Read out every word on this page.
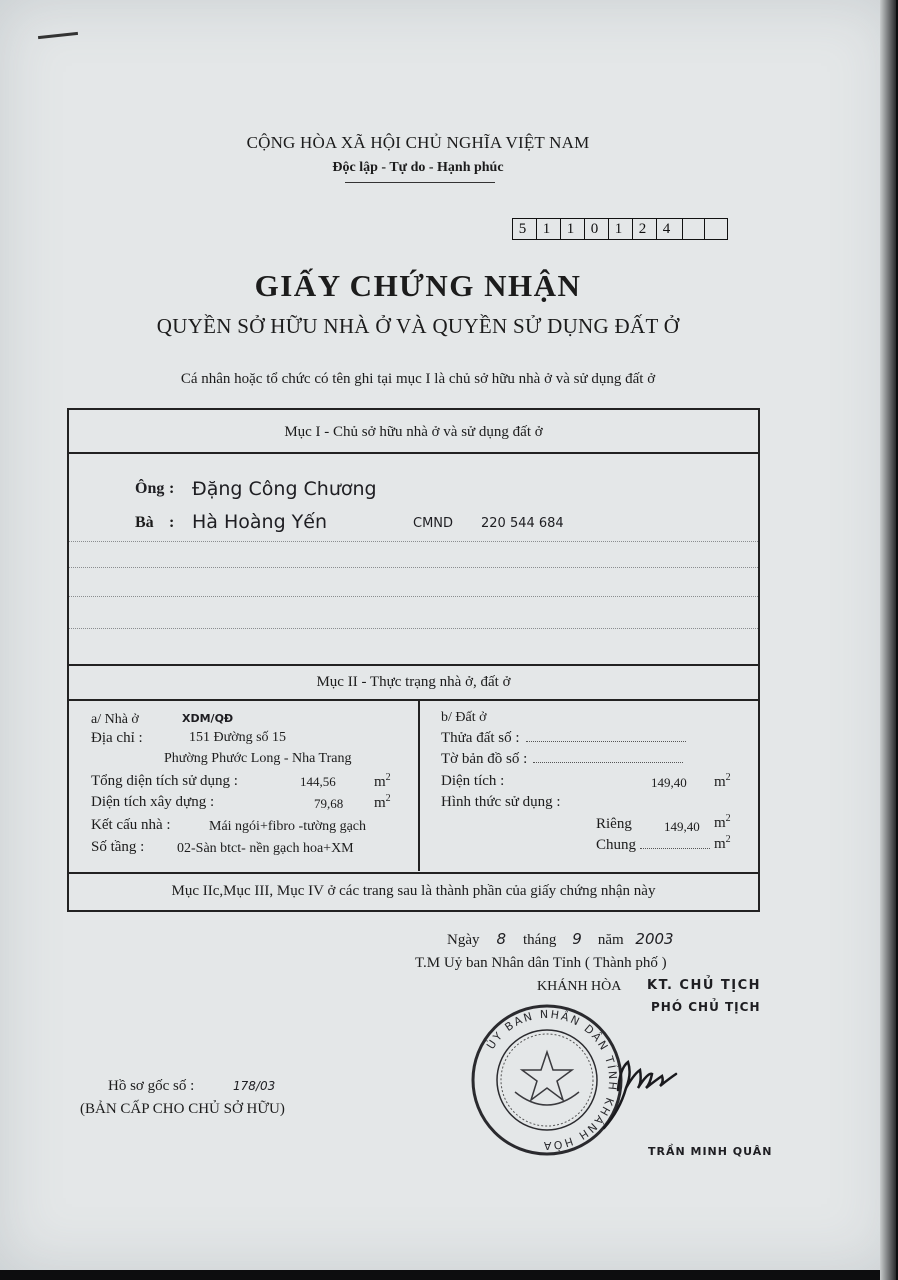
CỘNG HÒA XÃ HỘI CHỦ NGHĨA VIỆT NAM
Độc lập - Tự do - Hạnh phúc
5	1	1	0	1	2	4
GIẤY CHỨNG NHẬN
QUYỀN SỞ HỮU NHÀ Ở VÀ QUYỀN SỬ DỤNG ĐẤT Ở
Cá nhân hoặc tổ chức có tên ghi tại mục I là chủ sở hữu nhà ở và sử dụng đất ở
Mục I - Chủ sở hữu nhà ở và sử dụng đất ở
Ông : Đặng Công Chương
Bà : Hà Hoàng Yến	CMND 220 544 684
Mục II - Thực trạng nhà ở, đất ở
a/ Nhà ở	XDM/QĐ
Địa chỉ :	151 Đường số 15
Phường Phước Long - Nha Trang
Tổng diện tích sử dụng :	144,56	$m^2$
Diện tích xây dựng :	79,68 $m^2$
Kết cấu nhà :	Mái ngói+fibro -tường gạch
Số tầng : 02-Sàn btct- nền gạch hoa+XM
b/ Đất ở
Thửa đất số :
Tờ bản đồ số :
Diện tích :	149,40 $m^2$
Hình thức sử dụng :
Riêng 149,40 $m^2$
Chung	$m^2$
Mục IIc,Mục III, Mục IV ở các trang sau là thành phần của giấy chứng nhận này
Ngày 8 tháng 9 năm 2003
T.M Uỷ ban Nhân dân Tỉnh ( Thành phố )
KHÁNH HÒA KT. CHỦ TỊCH
PHÓ CHỦ TỊCH
ỦY BAN NHÂN DÂN TỈNH KHÁNH HÒA	TRẦN MINH QUÂN
Hồ sơ gốc số :	178/03
(BẢN CẤP CHO CHỦ SỞ HỮU)
